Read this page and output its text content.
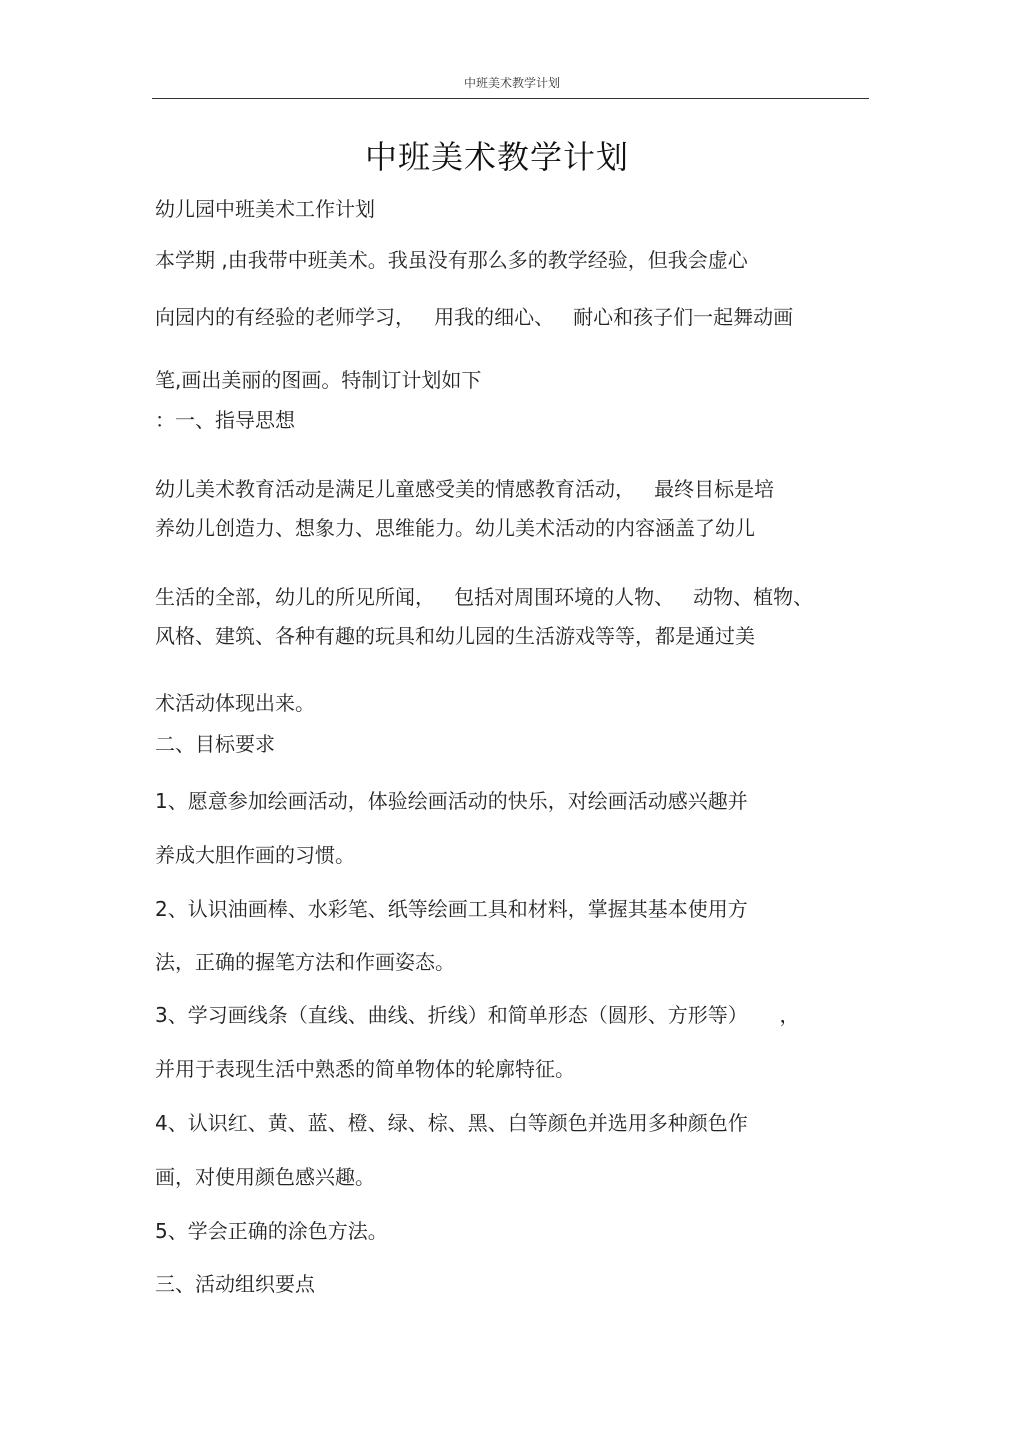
中班美术教学计划
中班美术教学计划
幼儿园中班美术工作计划
本学期 ,由我带中班美术。我虽没有那么多的教学经验，但我会虚心
向园内的有经验的老师学习，   用我的细心、   耐心和孩子们一起舞动画
笔,画出美丽的图画。特制订计划如下
：一、指导思想
幼儿美术教育活动是满足儿童感受美的情感教育活动，   最终目标是培
养幼儿创造力、想象力、思维能力。幼儿美术活动的内容涵盖了幼儿
生活的全部，幼儿的所见所闻，   包括对周围环境的人物、   动物、植物、
风格、建筑、各种有趣的玩具和幼儿园的生活游戏等等，都是通过美
术活动体现出来。
二、目标要求
1、愿意参加绘画活动，体验绘画活动的快乐，对绘画活动感兴趣并
养成大胆作画的习惯。
2、认识油画棒、水彩笔、纸等绘画工具和材料，掌握其基本使用方
法，正确的握笔方法和作画姿态。
3、学习画线条（直线、曲线、折线）和简单形态（圆形、方形等）     ，
并用于表现生活中熟悉的简单物体的轮廓特征。
4、认识红、黄、蓝、橙、绿、棕、黑、白等颜色并选用多种颜色作
画，对使用颜色感兴趣。
5、学会正确的涂色方法。
三、活动组织要点
